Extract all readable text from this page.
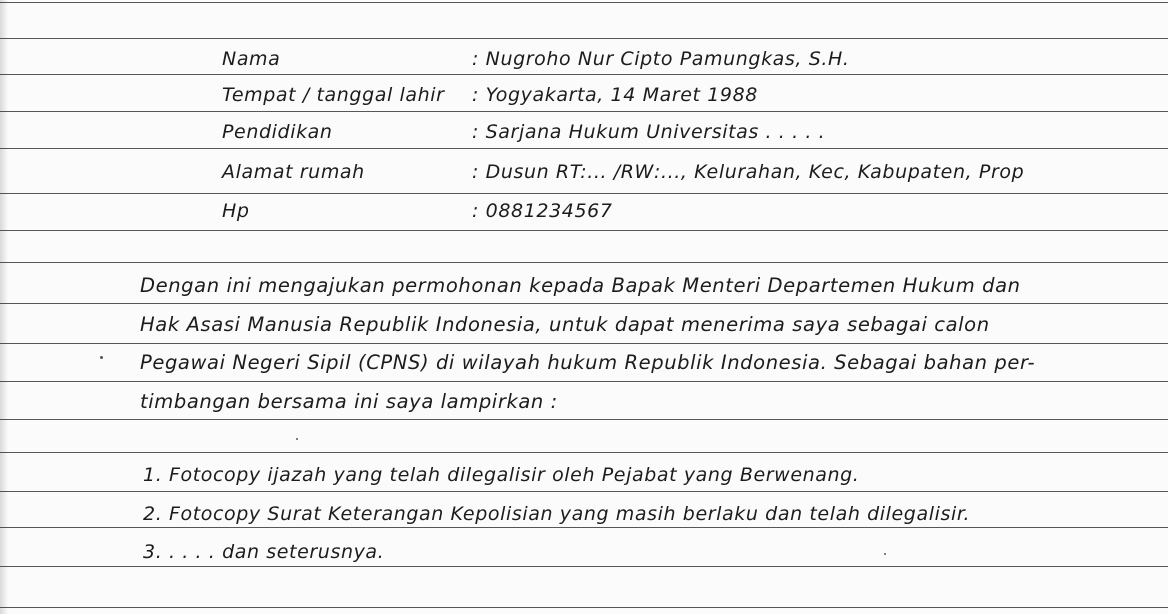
Nama	: Nugroho Nur Cipto Pamungkas, S.H.
Tempat / tanggal lahir : Yogyakarta, 14 Maret 1988
Pendidikan	: Sarjana Hukum Universitas . . . . .
Alamat rumah	: Dusun RT:... /RW:..., Kelurahan, Kec, Kabupaten, Prop
Hp	: 0881234567
Dengan ini mengajukan permohonan kepada Bapak Menteri Departemen Hukum dan
Hak Asasi Manusia Republik Indonesia, untuk dapat menerima saya sebagai calon
Pegawai Negeri Sipil (CPNS) di wilayah hukum Republik Indonesia. Sebagai bahan per-
timbangan bersama ini saya lampirkan :
1. Fotocopy ijazah yang telah dilegalisir oleh Pejabat yang Berwenang.
2. Fotocopy Surat Keterangan Kepolisian yang masih berlaku dan telah dilegalisir.
3. . . . . dan seterusnya.
